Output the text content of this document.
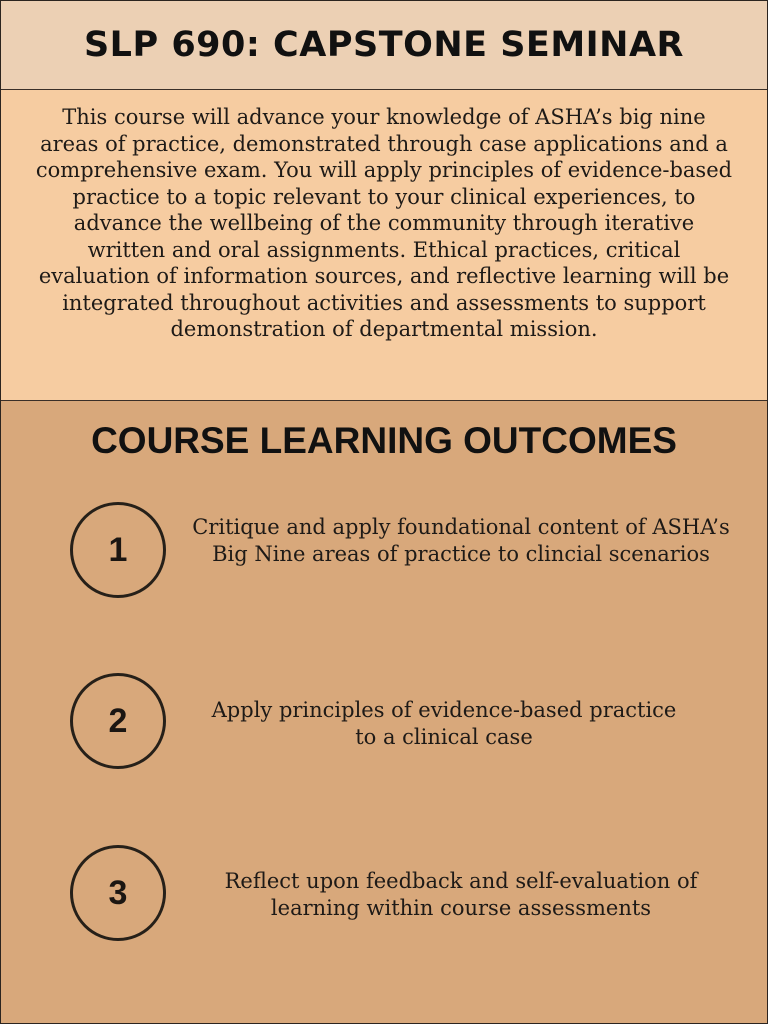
SLP 690: CAPSTONE SEMINAR

This course will advance your knowledge of ASHA’s big nine areas of practice, demonstrated through case applications and a comprehensive exam. You will apply principles of evidence-based practice to a topic relevant to your clinical experiences, to advance the wellbeing of the community through iterative written and oral assignments. Ethical practices, critical evaluation of information sources, and reflective learning will be integrated throughout activities and assessments to support demonstration of departmental mission.

COURSE LEARNING OUTCOMES
1

Critique and apply foundational content of ASHA’s Big Nine areas of practice to clincial scenarios

2	Apply principles of evidence-based practice to a clinical case

3	Reflect upon feedback and self-evaluation of learning within course assessments
